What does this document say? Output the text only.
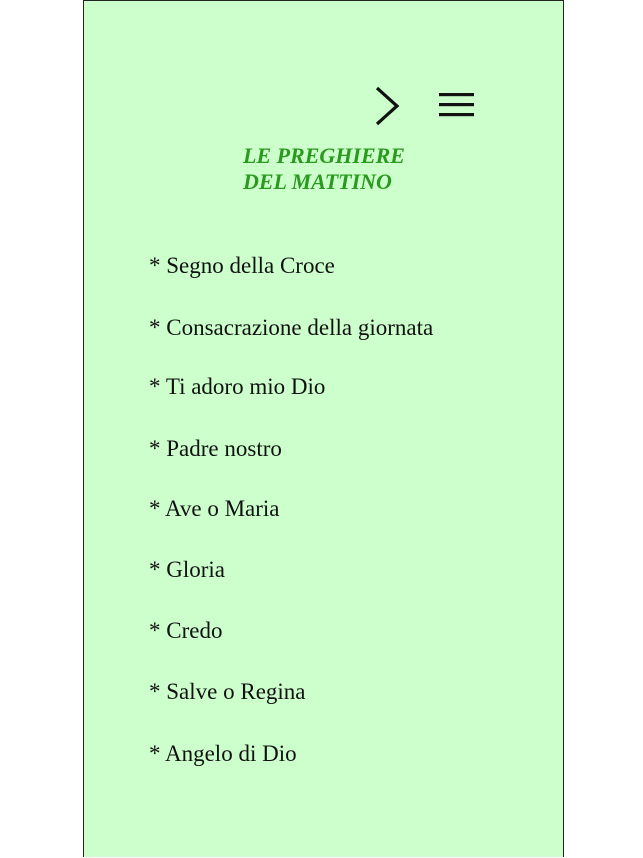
LE PREGHIERE
DEL MATTINO
* Segno della Croce
* Consacrazione della giornata
* Ti adoro mio Dio
* Padre nostro
* Ave o Maria
* Gloria
* Credo
* Salve o Regina
* Angelo di Dio
